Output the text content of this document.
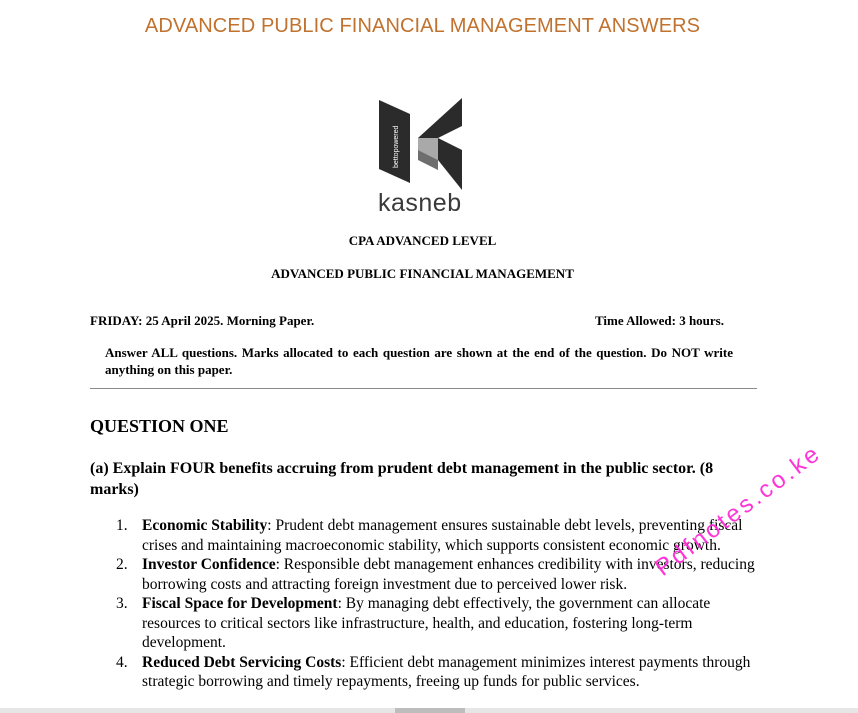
ADVANCED PUBLIC FINANCIAL MANAGEMENT ANSWERS
bettopowered
kasneb
CPA ADVANCED LEVEL
ADVANCED PUBLIC FINANCIAL MANAGEMENT
FRIDAY: 25 April 2025. Morning Paper.	Time Allowed: 3 hours.
Answer ALL questions. Marks allocated to each question are shown at the end of the question. Do NOT write anything on this paper.
QUESTION ONE
(a) Explain FOUR benefits accruing from prudent debt management in the public sector. (8 marks)
1. Economic Stability: Prudent debt management ensures sustainable debt levels, preventing fiscal crises and maintaining macroeconomic stability, which supports consistent economic growth.
2. Investor Confidence: Responsible debt management enhances credibility with investors, reducing borrowing costs and attracting foreign investment due to perceived lower risk.
3. Fiscal Space for Development: By managing debt effectively, the government can allocate resources to critical sectors like infrastructure, health, and education, fostering long-term development.
4. Reduced Debt Servicing Costs: Efficient debt management minimizes interest payments through strategic borrowing and timely repayments, freeing up funds for public services.
Pdfnotes.co.ke
